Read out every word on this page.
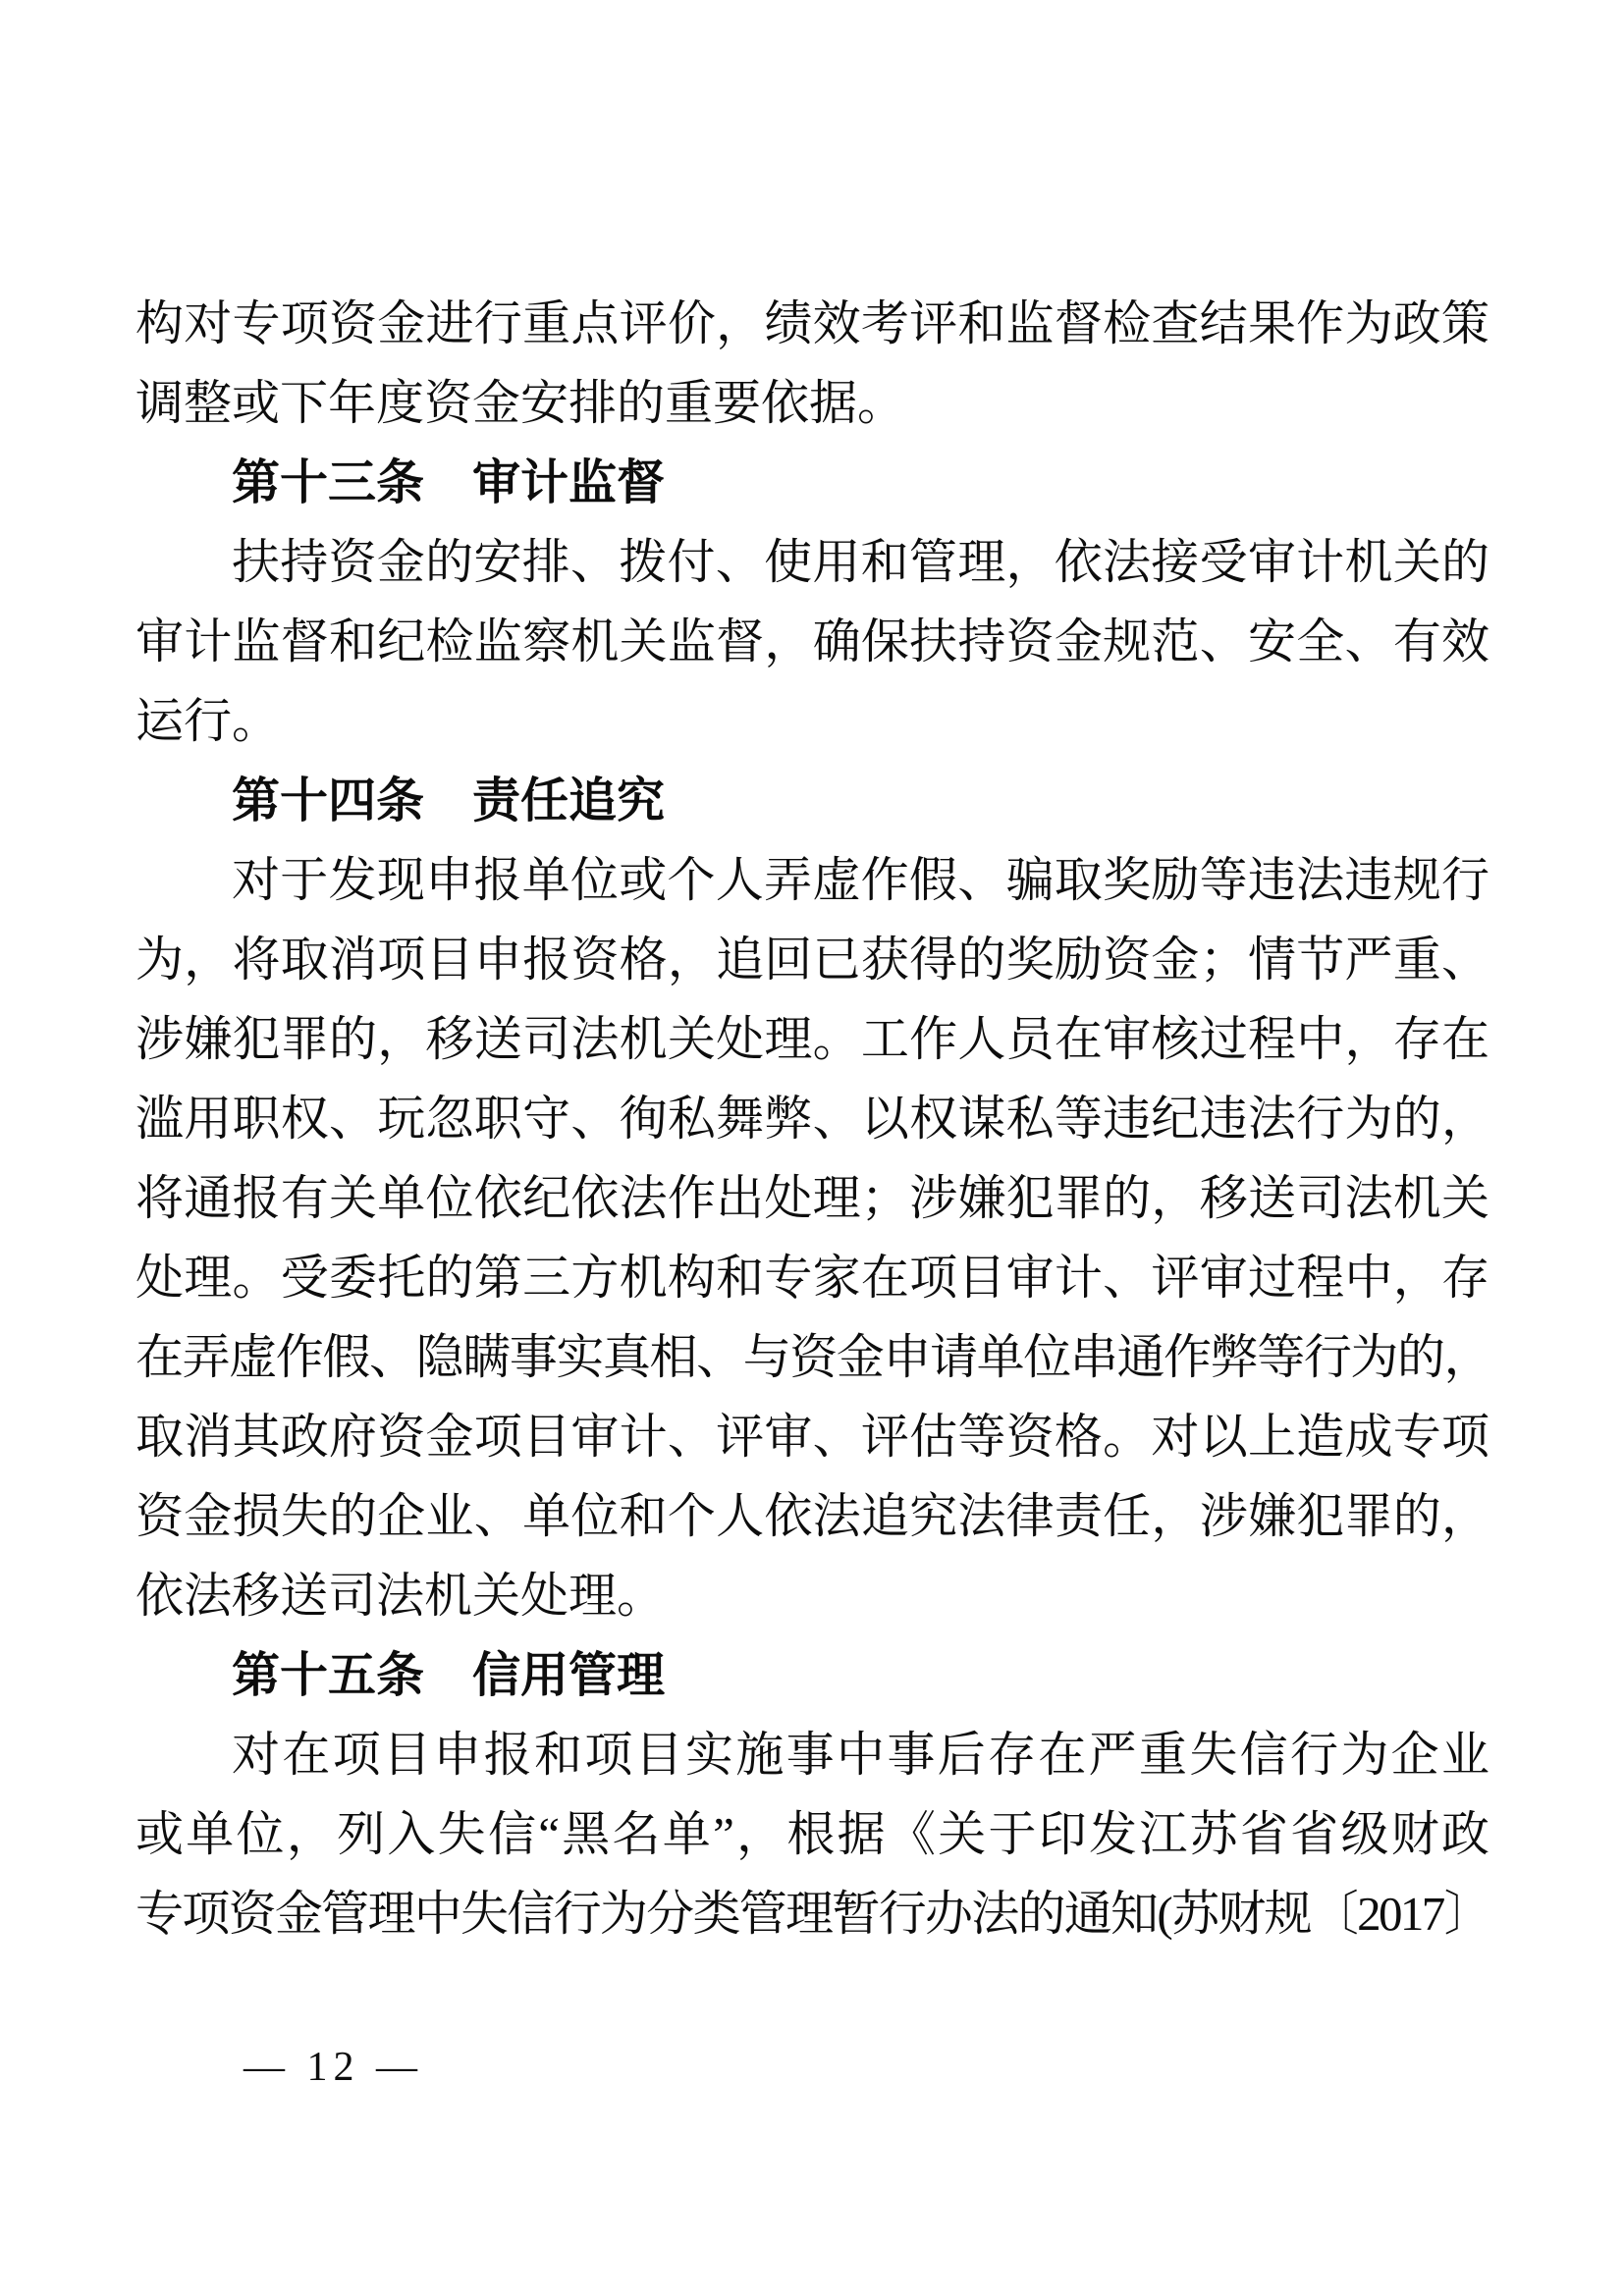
构对专项资金进行重点评价，绩效考评和监督检查结果作为政策
调整或下年度资金安排的重要依据。
第十三条　审计监督
扶持资金的安排、拨付、使用和管理，依法接受审计机关的
审计监督和纪检监察机关监督，确保扶持资金规范、安全、有效
运行。
第十四条　责任追究
对于发现申报单位或个人弄虚作假、骗取奖励等违法违规行
为，将取消项目申报资格，追回已获得的奖励资金；情节严重、
涉嫌犯罪的，移送司法机关处理。工作人员在审核过程中，存在
滥用职权、玩忽职守、徇私舞弊、以权谋私等违纪违法行为的，
将通报有关单位依纪依法作出处理；涉嫌犯罪的，移送司法机关
处理。受委托的第三方机构和专家在项目审计、评审过程中，存
在弄虚作假、隐瞒事实真相、与资金申请单位串通作弊等行为的，
取消其政府资金项目审计、评审、评估等资格。对以上造成专项
资金损失的企业、单位和个人依法追究法律责任，涉嫌犯罪的，
依法移送司法机关处理。
第十五条　信用管理
对在项目申报和项目实施事中事后存在严重失信行为企业
或单位，列入失信“黑名单”，根据《关于印发江苏省省级财政
专项资金管理中失信行为分类管理暂行办法的通知(苏财规〔2017〕
— 12 —
